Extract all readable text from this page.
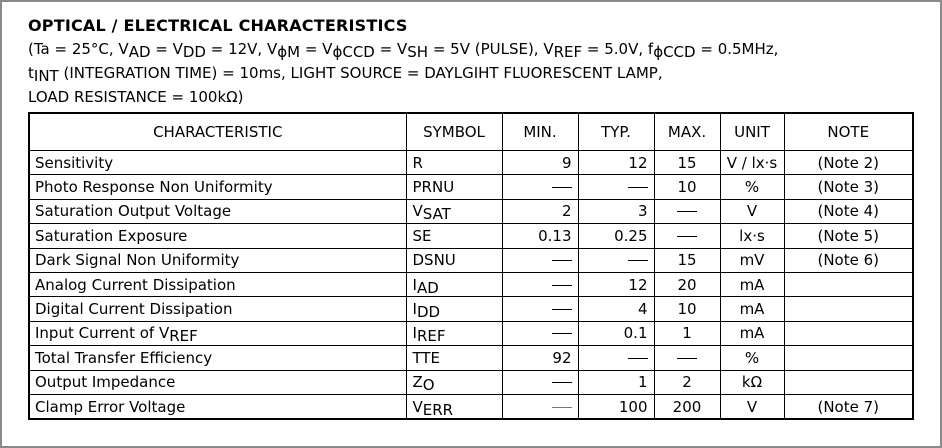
OPTICAL / ELECTRICAL CHARACTERISTICS
(Ta = 25°C, $V_{AD} = V_{DD} = 12V$, $V_{\phi M} = V_{\phi CCD} = V_{SH} = 5V$ (PULSE), $V_{REF} = 5.0V$, $f_{\phi CCD} = 0.5MHz$,
$t_{INT}$ (INTEGRATION TIME) = 10ms, LIGHT SOURCE = DAYLGIHT FLUORESCENT LAMP,
LOAD RESISTANCE = 100kΩ)
CHARACTERISTIC	SYMBOL	MIN.	TYP.	MAX.	UNIT	NOTE
Sensitivity	R	9	12	15	V / lx·s	(Note 2)
Photo Response Non Uniformity	PRNU			10	%	(Note 3)
Saturation Output Voltage	VSAT	2	3		V	(Note 4)
Saturation Exposure	SE	0.13	0.25		lx·s	(Note 5)
Dark Signal Non Uniformity	DSNU			15	mV	(Note 6)
Analog Current Dissipation	IAD		12	20	mA	
Digital Current Dissipation	IDD		4	10	mA	
Input Current of VREF	IREF		0.1	1	mA	
Total Transfer Efficiency	TTE	92			%	
Output Impedance	ZO		1	2	kΩ	
Clamp Error Voltage	VERR		100	200	V	(Note 7)
